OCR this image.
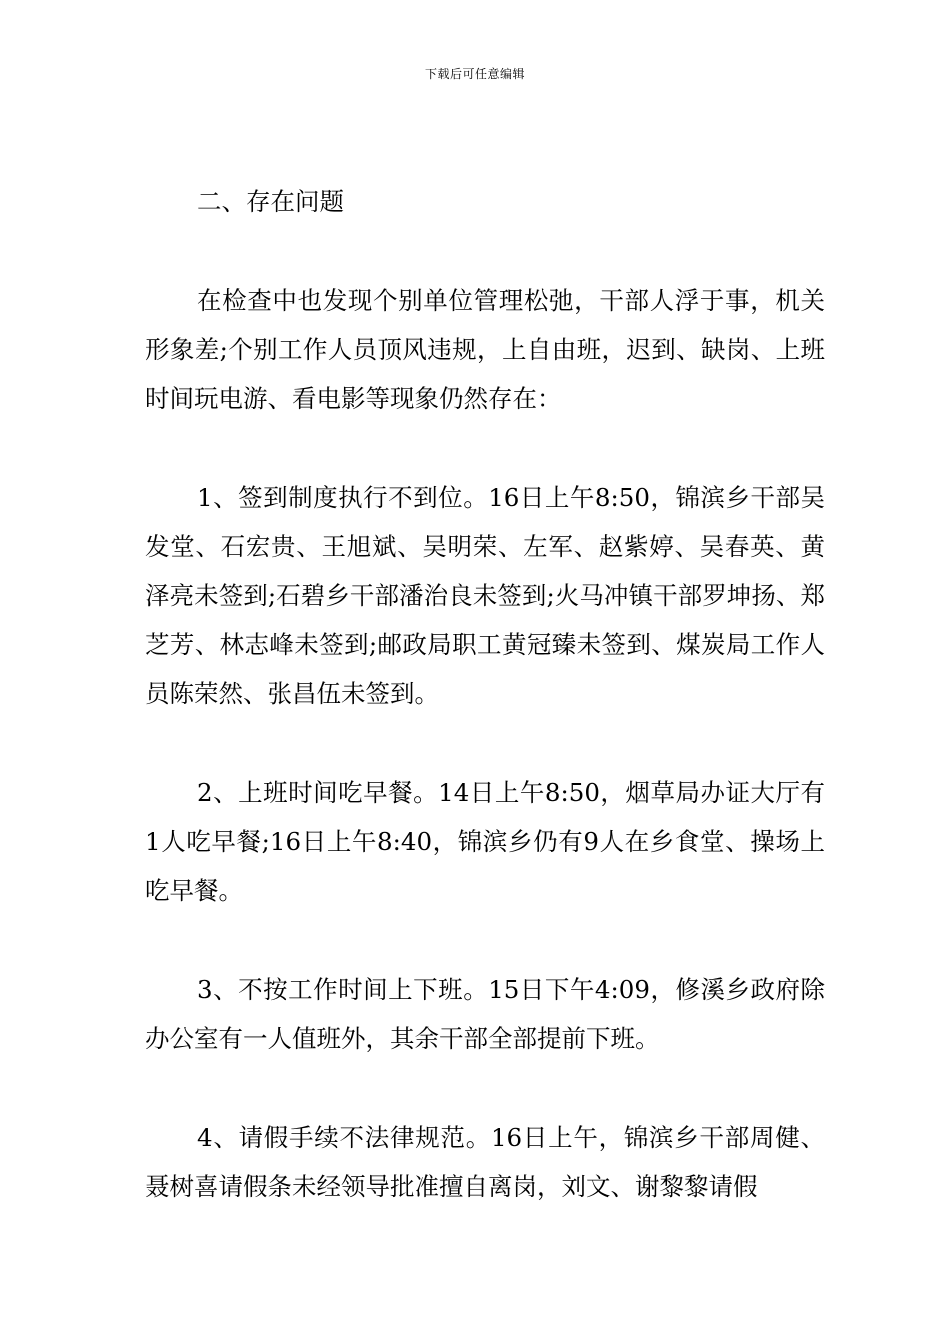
下载后可任意编辑

二、存在问题

在检查中也发现个别单位管理松弛，干部人浮于事，机关形象差;个别工作人员顶风违规，上自由班，迟到、缺岗、上班时间玩电游、看电影等现象仍然存在：

1、签到制度执行不到位。16日上午8:50，锦滨乡干部吴发堂、石宏贵、王旭斌、吴明荣、左军、赵紫婷、吴春英、黄泽亮未签到;石碧乡干部潘治良未签到;火马冲镇干部罗坤扬、郑芝芳、林志峰未签到;邮政局职工黄冠臻未签到、煤炭局工作人员陈荣然、张昌伍未签到。

2、上班时间吃早餐。14日上午8:50，烟草局办证大厅有1人吃早餐;16日上午8:40，锦滨乡仍有9人在乡食堂、操场上吃早餐。

3、不按工作时间上下班。15日下午4:09，修溪乡政府除办公室有一人值班外，其余干部全部提前下班。

4、请假手续不法律规范。16日上午，锦滨乡干部周健、聂树喜请假条未经领导批准擅自离岗，刘文、谢黎黎请假
